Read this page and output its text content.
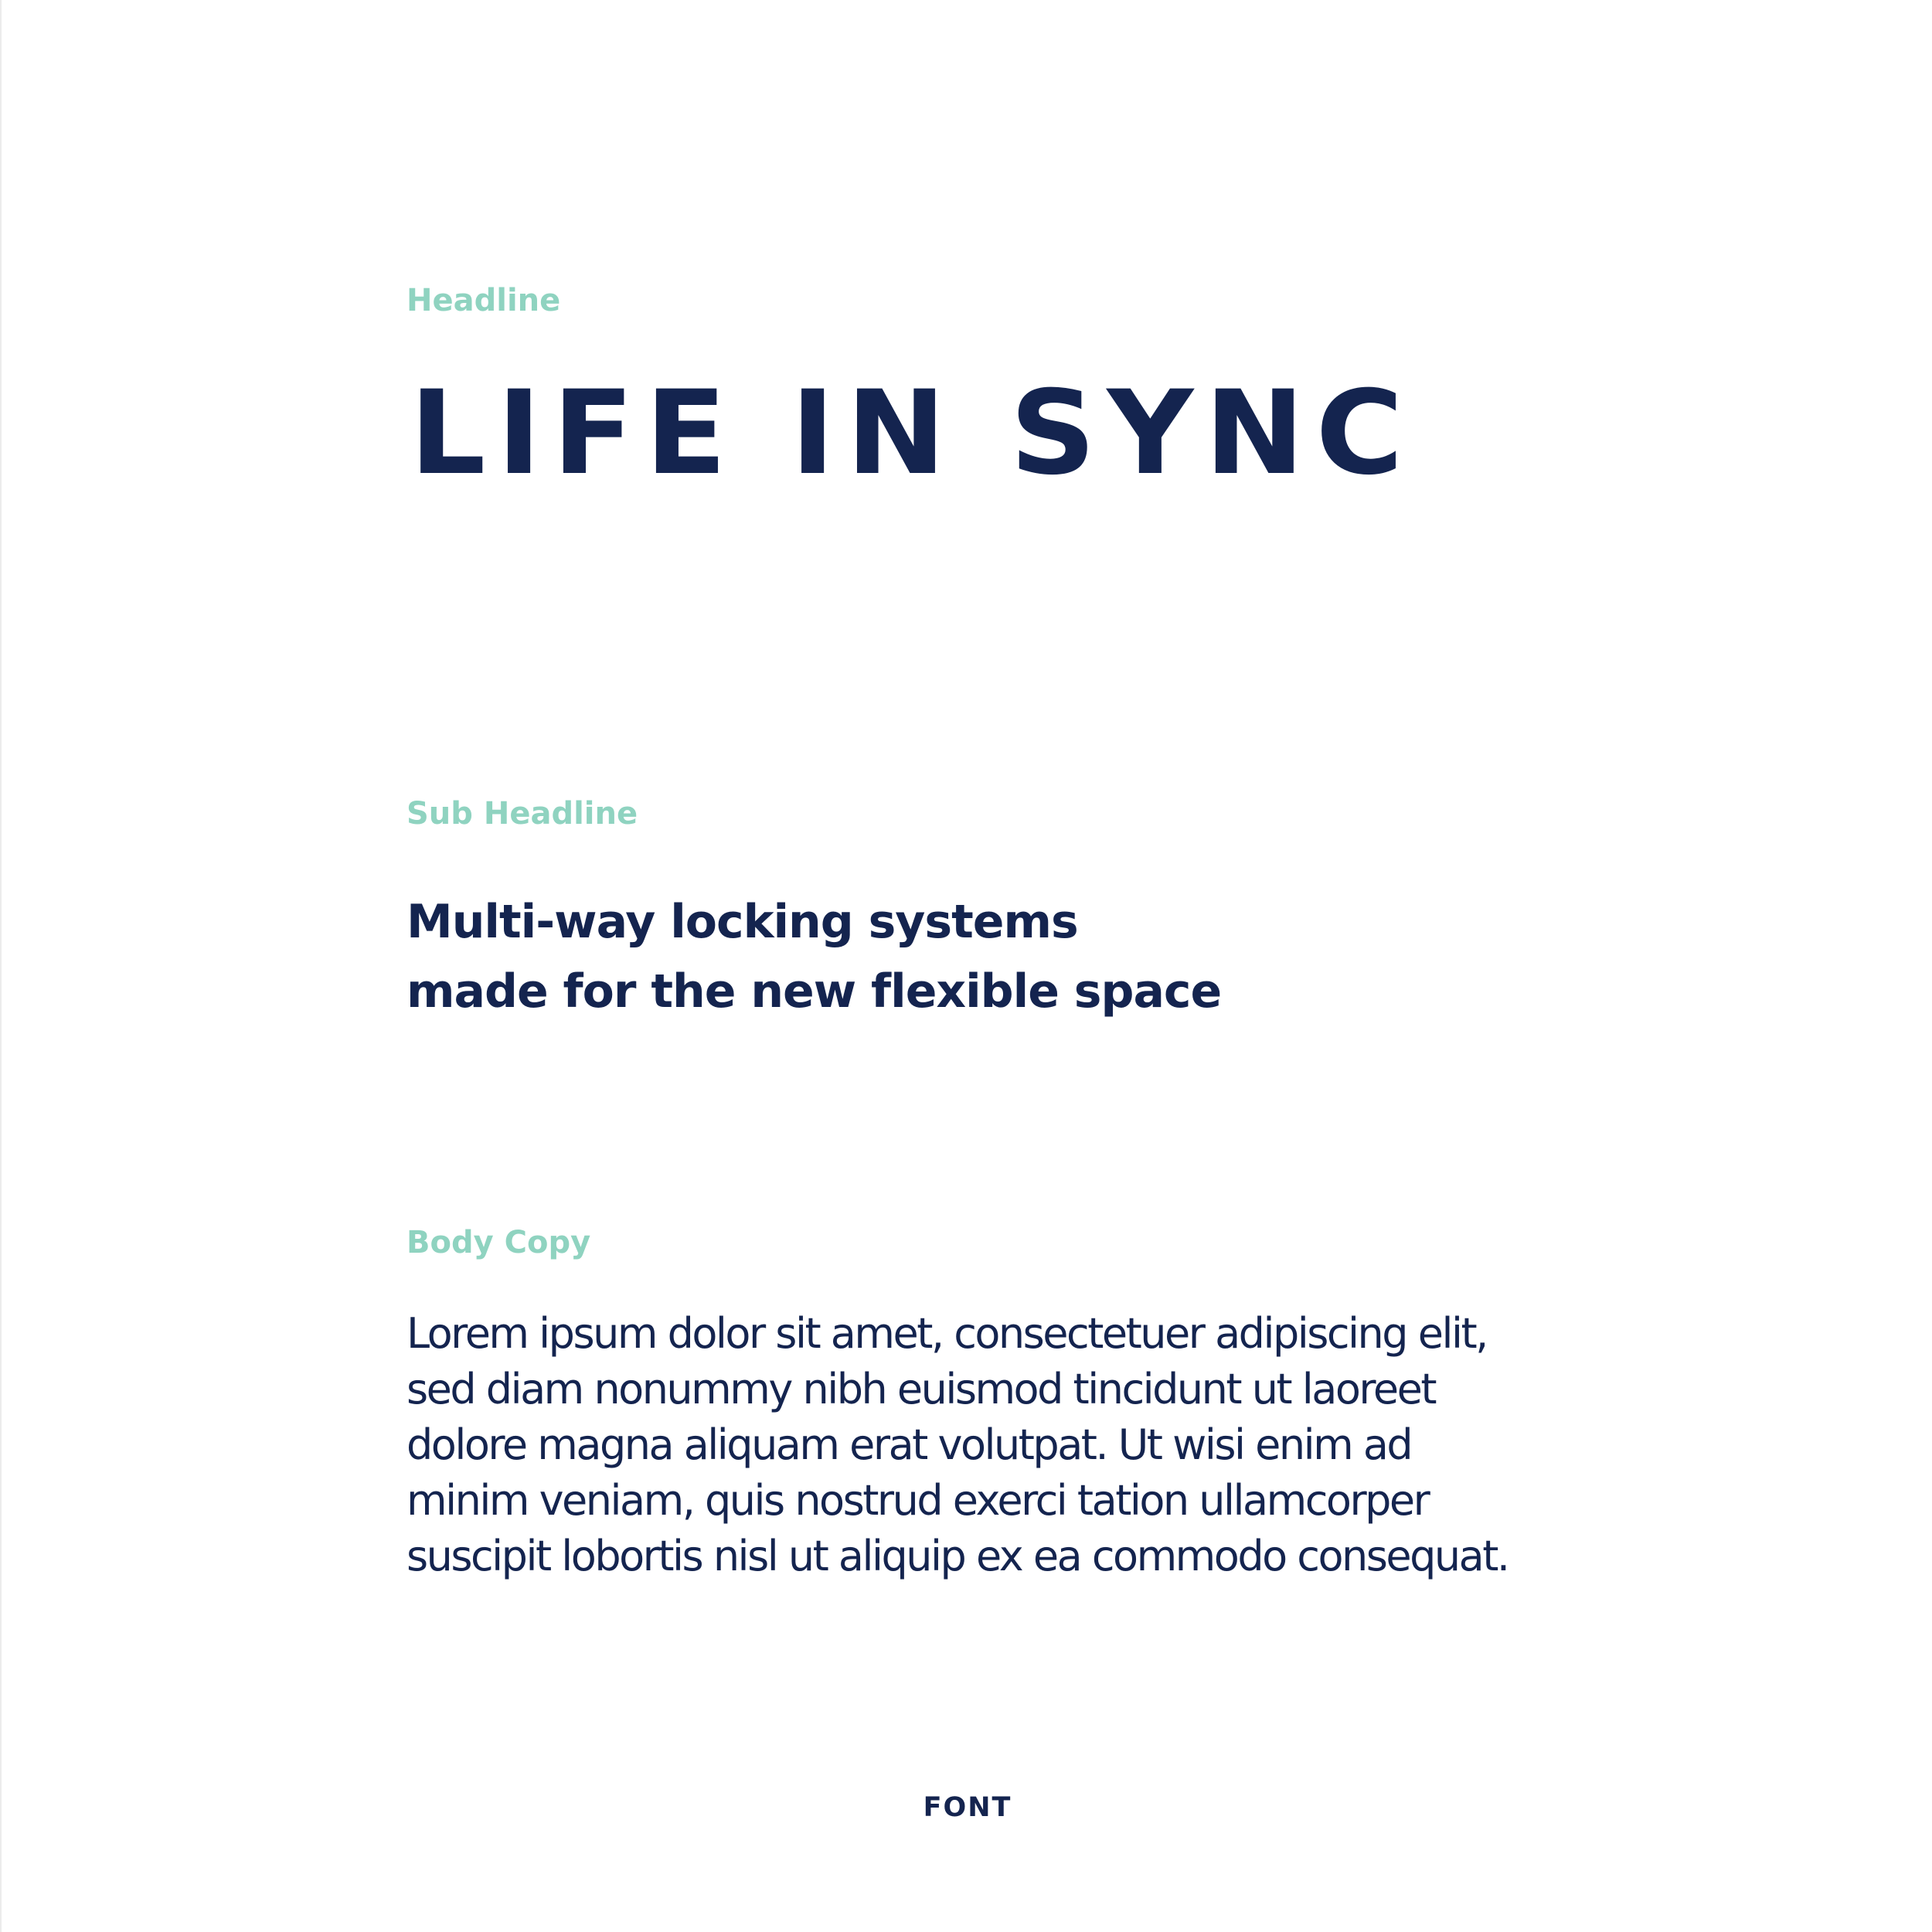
Headline
LIFE IN SYNC
Sub Headline
Multi-way locking systems
made for the new flexible space
Body Copy

Lorem ipsum dolor sit amet, consectetuer adipiscing elit,
sed diam nonummy nibh euismod tincidunt ut laoreet
dolore magna aliquam erat volutpat. Ut wisi enim ad
minim veniam, quis nostrud exerci tation ullamcorper
suscipit lobortis nisl ut aliquip ex ea commodo consequat.

FONT
